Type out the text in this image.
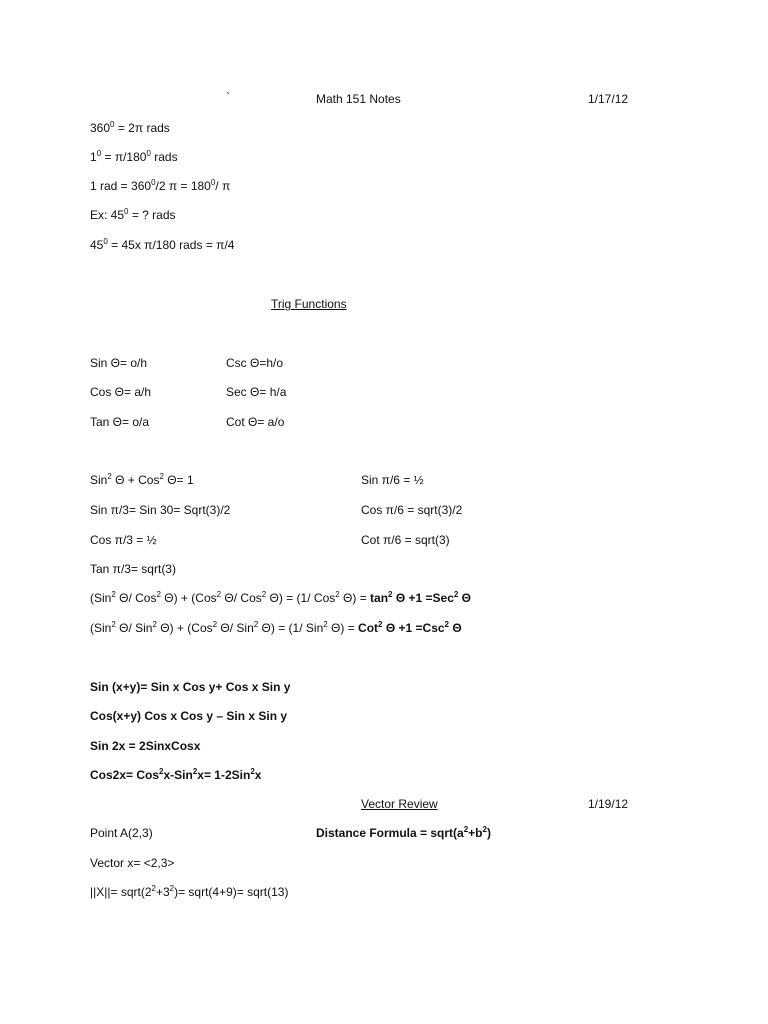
`	Math 151 Notes	1/17/12
$360^0 = 2\pi$ rads
$1^0 = \pi/180^0$ rads
1 rad = $360^0/2$ $\pi = 180^0/$ π
Ex: $45^0$ = ? rads
$45^0 = 45x$ π/180 rads = π/4
Trig Functions
Sin Θ= o/h	Csc Θ=h/o
Cos Θ= a/h	Sec Θ= h/a
Tan Θ= o/a	Cot Θ= a/o
Sin$^2$ Θ + Cos$^2$ Θ= 1	Sin π/6 = ½
Sin π/3= Sin 30= Sqrt(3)/2	Cos π/6 = sqrt(3)/2
Cos π/3 = ½	Cot π/6 = sqrt(3)
Tan π/3= sqrt(3)
(Sin$^2$ Θ/ Cos$^2$ Θ) + (Cos$^2$ Θ/ Cos$^2$ Θ) = (1/ Cos$^2$ $\Theta) = \tan^2 \Theta +1 =Sec^2$ Θ
(Sin$^2$ Θ/ Sin$^2$ Θ) + (Cos$^2$ Θ/ Sin$^2$ Θ) = (1/ Sin$^2$ Θ) = Cot$^2$ Θ +1 =Csc$^2$ Θ
Sin (x+y)= Sin x Cos y+ Cos x Sin y
Cos(x+y) Cos x Cos y – Sin x Sin y
Sin 2x = 2SinxCosx
Cos2x= Cos$^2$x-Sin$^2$x= 1-2Sin$^2$x
Vector Review	1/19/12
Point A(2,3)	Distance Formula = $sqrt(a^2+b^2)$
Vector x= <2,3>
$||X||= sqrt(2^2+3^2)=$ sqrt(4+9)= sqrt(13)
